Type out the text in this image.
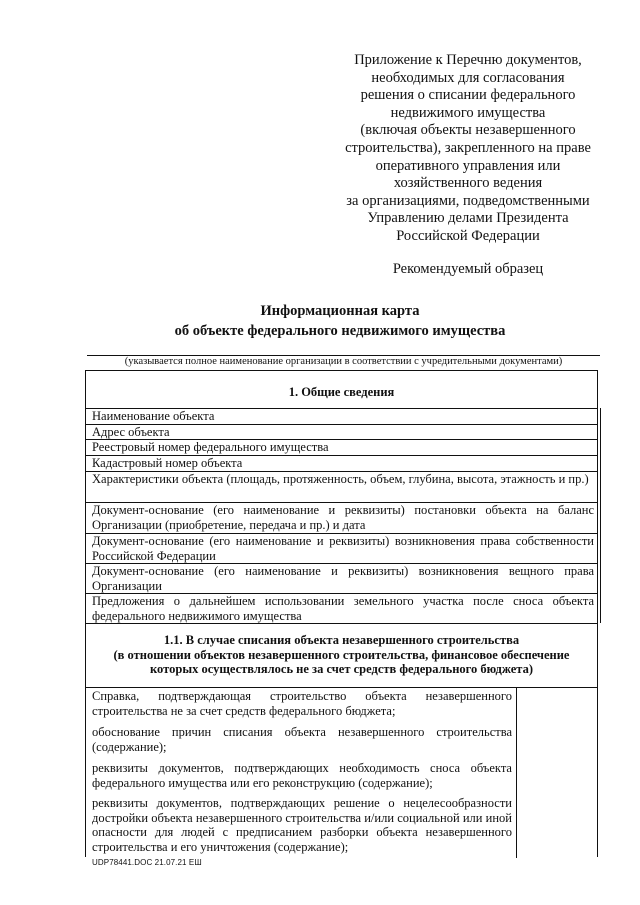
Приложение к Перечню документов,
необходимых для согласования
решения о списании федерального
недвижимого имущества
(включая объекты незавершенного
строительства), закрепленного на праве
оперативного управления или
хозяйственного ведения
за организациями, подведомственными
Управлению делами Президента
Российской Федерации
Рекомендуемый образец
Информационная карта
об объекте федерального недвижимого имущества
(указывается полное наименование организации в соответствии с учредительными документами)
1. Общие сведения
Наименование объекта
Адрес объекта
Реестровый номер федерального имущества
Кадастровый номер объекта
Характеристики объекта (площадь, протяженность, объем, глубина, высота, этажность и пр.)
Документ-основание (его наименование и реквизиты) постановки объекта на баланс Организации (приобретение, передача и пр.) и дата
Документ-основание (его наименование и реквизиты) возникновения права собственности Российской Федерации
Документ-основание (его наименование и реквизиты) возникновения вещного права Организации
Предложения о дальнейшем использовании земельного участка после сноса объекта федерального недвижимого имущества
1.1. В случае списания объекта незавершенного строительства
(в отношении объектов незавершенного строительства, финансовое обеспечение
которых осуществлялось не за счет средств федерального бюджета)
Справка, подтверждающая строительство объекта незавершенного строительства не за счет средств федерального бюджета;
обоснование причин списания объекта незавершенного строительства (содержание);
реквизиты документов, подтверждающих необходимость сноса объекта федерального имущества или его реконструкцию (содержание);
реквизиты документов, подтверждающих решение о нецелесообразности достройки объекта незавершенного строительства и/или социальной или иной опасности для людей с предписанием разборки объекта незавершенного строительства и его уничтожения (содержание);
UDP78441.DOC 21.07.21 ЕШ
